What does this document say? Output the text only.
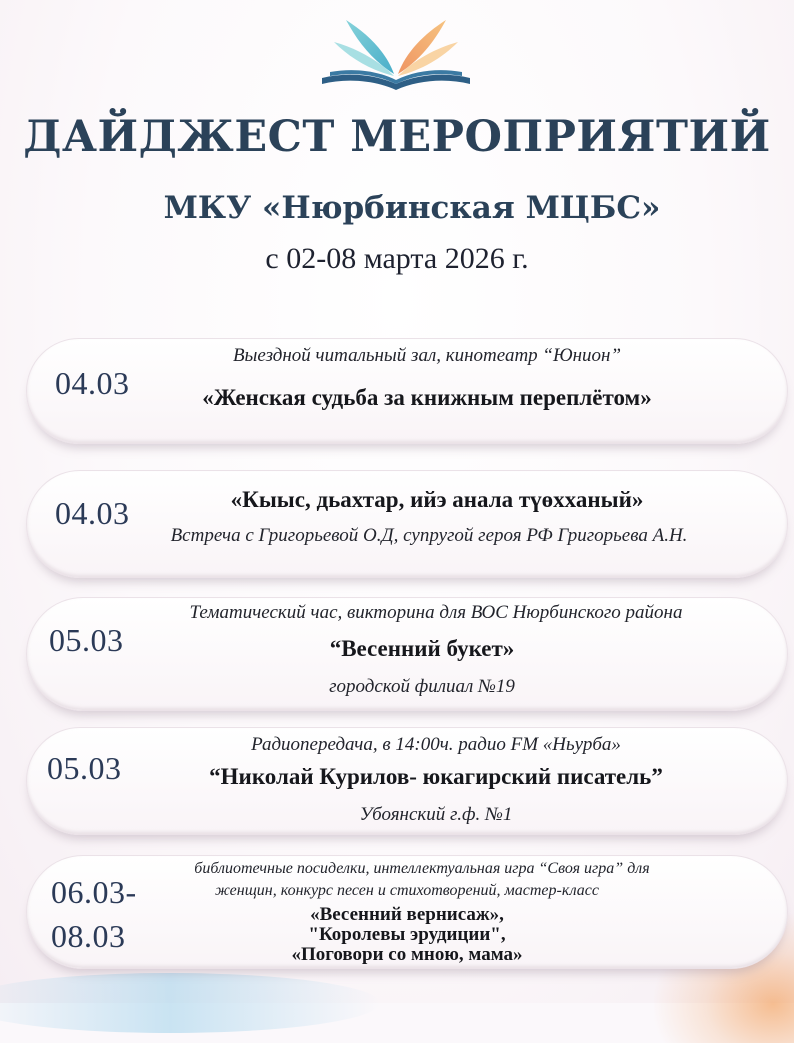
ДАЙДЖЕСТ МЕРОПРИЯТИЙ
МКУ «Нюрбинская МЦБС»
с 02-08 марта 2026 г.
04.03
Выездной читальный зал, кинотеатр “Юнион”
«Женская судьба за книжным переплётом»
04.03	«Кыыс, дьахтар, ийэ анала түөхханый»
Встреча с Григорьевой О.Д, супругой героя РФ Григорьева А.Н.
05.03
Тематический час, викторина для ВОС Нюрбинского района
“Весенний букет»
городской филиал №19
05.03
Радиопередача, в 14:00ч. радио FM «Ньурба»
“Николай Курилов- юкагирский писатель”
Убоянский г.ф. №1
06.03-
08.03
библиотечные посиделки, интеллектуальная игра “Своя игра” для
женщин, конкурс песен и стихотворений, мастер-класс
«Весенний вернисаж»,
"Королевы эрудиции",
«Поговори со мною, мама»
